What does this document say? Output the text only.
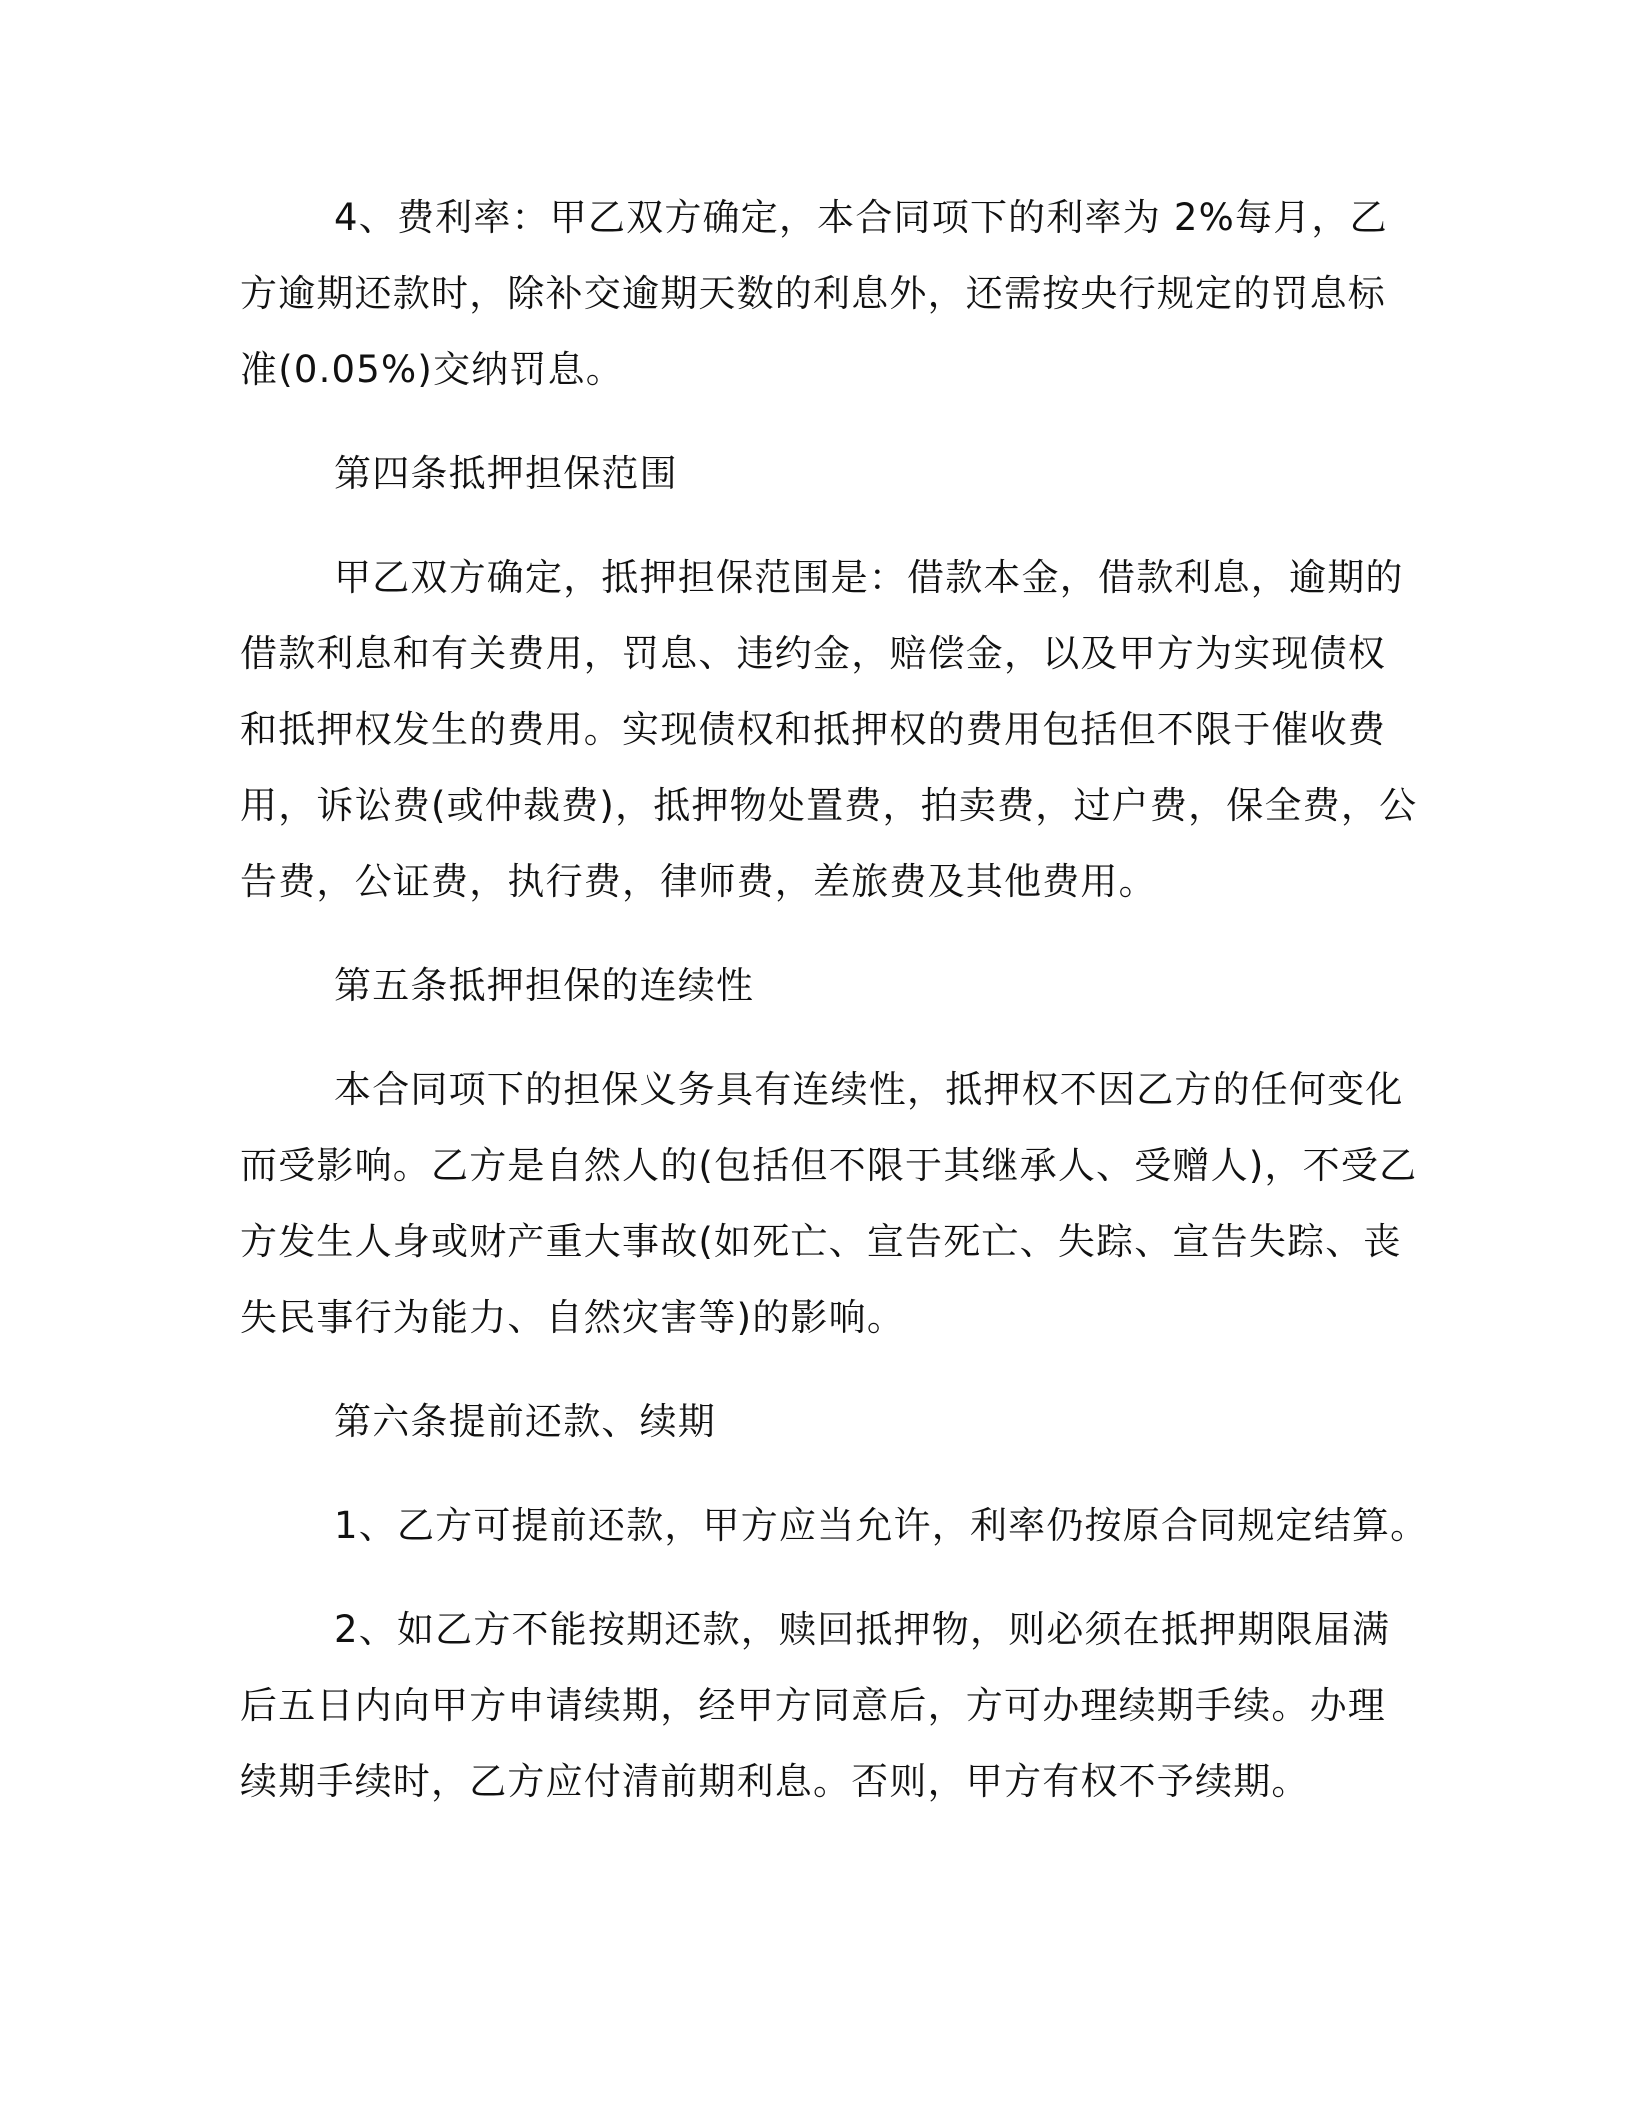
4、费利率：甲乙双方确定，本合同项下的利率为 2%每月，乙
方逾期还款时，除补交逾期天数的利息外，还需按央行规定的罚息标
准(0.05%)交纳罚息。
第四条抵押担保范围
甲乙双方确定，抵押担保范围是：借款本金，借款利息，逾期的
借款利息和有关费用，罚息、违约金，赔偿金，以及甲方为实现债权
和抵押权发生的费用。实现债权和抵押权的费用包括但不限于催收费
用，诉讼费(或仲裁费)，抵押物处置费，拍卖费，过户费，保全费，公
告费，公证费，执行费，律师费，差旅费及其他费用。
第五条抵押担保的连续性
本合同项下的担保义务具有连续性，抵押权不因乙方的任何变化
而受影响。乙方是自然人的(包括但不限于其继承人、受赠人)，不受乙
方发生人身或财产重大事故(如死亡、宣告死亡、失踪、宣告失踪、丧
失民事行为能力、自然灾害等)的影响。
第六条提前还款、续期
1、乙方可提前还款，甲方应当允许，利率仍按原合同规定结算。
2、如乙方不能按期还款，赎回抵押物，则必须在抵押期限届满
后五日内向甲方申请续期，经甲方同意后，方可办理续期手续。办理
续期手续时，乙方应付清前期利息。否则，甲方有权不予续期。
